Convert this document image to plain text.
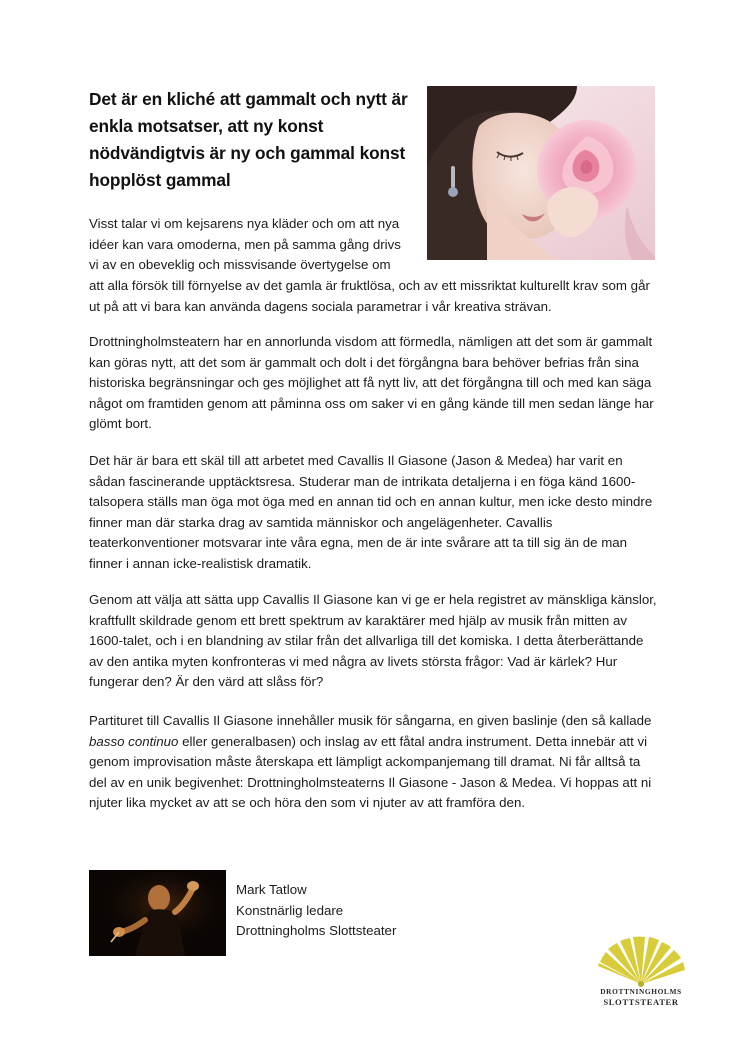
Det är en kliché att gammalt och nytt är enkla motsatser, att ny konst nödvändigtvis är ny och gammal konst hopplöst gammal

Visst talar vi om kejsarens nya kläder och om att nya idéer kan vara omoderna, men på samma gång drivs vi av en obeveklig och missvisande övertygelse om

att alla försök till förnyelse av det gamla är fruktlösa, och av ett missriktat kulturellt krav som går ut på att vi bara kan använda dagens sociala parametrar i vår kreativa strävan.

Drottningholmsteatern har en annorlunda visdom att förmedla, nämligen att det som är gammalt kan göras nytt, att det som är gammalt och dolt i det förgångna bara behöver befrias från sina historiska begränsningar och ges möjlighet att få nytt liv, att det förgångna till och med kan säga något om framtiden genom att påminna oss om saker vi en gång kände till men sedan länge har glömt bort.

Det här är bara ett skäl till att arbetet med Cavallis Il Giasone (Jason & Medea) har varit en sådan fascinerande upptäcktsresa. Studerar man de intrikata detaljerna i en föga känd 1600-talsopera ställs man öga mot öga med en annan tid och en annan kultur, men icke desto mindre finner man där starka drag av samtida människor och angelägenheter. Cavallis teaterkonventioner motsvarar inte våra egna, men de är inte svårare att ta till sig än de man finner i annan icke-realistisk dramatik.

Genom att välja att sätta upp Cavallis Il Giasone kan vi ge er hela registret av mänskliga känslor, kraftfullt skildrade genom ett brett spektrum av karaktärer med hjälp av musik från mitten av 1600-talet, och i en blandning av stilar från det allvarliga till det komiska. I detta återberättande av den antika myten konfronteras vi med några av livets största frågor: Vad är kärlek? Hur fungerar den? Är den värd att slåss för?

Partituret till Cavallis Il Giasone innehåller musik för sångarna, en given baslinje (den så kallade basso continuo eller generalbasen) och inslag av ett fåtal andra instrument. Detta innebär att vi genom improvisation måste återskapa ett lämpligt ackompanjemang till dramat. Ni får alltså ta del av en unik begivenhet: Drottningholmsteaterns Il Giasone - Jason & Medea. Vi hoppas att ni njuter lika mycket av att se och höra den som vi njuter av att framföra den.

Mark Tatlow
Konstnärlig ledare
Drottningholms Slottsteater
DROTTNINGHOLMS
SLOTTSTEATER
